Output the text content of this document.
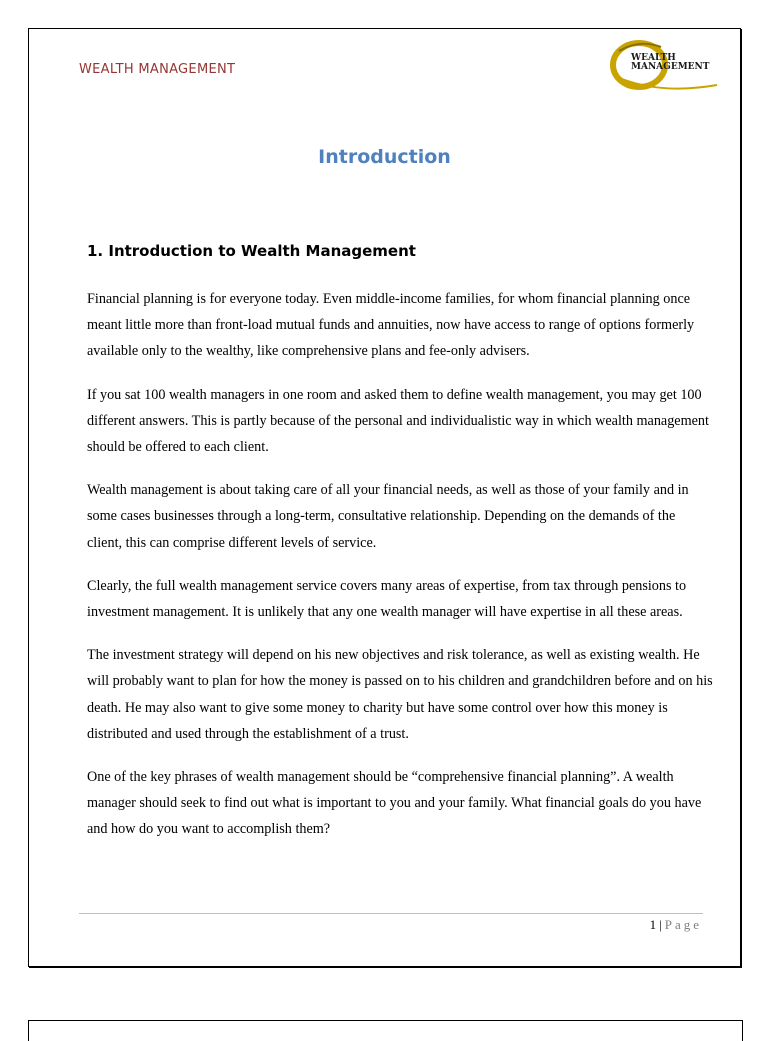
WEALTH MANAGEMENT
WEALTH
MANAGEMENT
Introduction
1. Introduction to Wealth Management

Financial planning is for everyone today. Even middle-income families, for whom financial planning once meant little more than front-load mutual funds and annuities, now have access to range of options formerly available only to the wealthy, like comprehensive plans and fee-only advisers.

If you sat 100 wealth managers in one room and asked them to define wealth management, you may get 100 different answers. This is partly because of the personal and individualistic way in which wealth management should be offered to each client.

Wealth management is about taking care of all your financial needs, as well as those of your family and in some cases businesses through a long-term, consultative relationship. Depending on the demands of the client, this can comprise different levels of service.

Clearly, the full wealth management service covers many areas of expertise, from tax through pensions to investment management. It is unlikely that any one wealth manager will have expertise in all these areas.

The investment strategy will depend on his new objectives and risk tolerance, as well as existing wealth. He will probably want to plan for how the money is passed on to his children and grandchildren before and on his death. He may also want to give some money to charity but have some control over how this money is distributed and used through the establishment of a trust.

One of the key phrases of wealth management should be “comprehensive financial planning”. A wealth manager should seek to find out what is important to you and your family. What financial goals do you have and how do you want to accomplish them?

1 | Page
